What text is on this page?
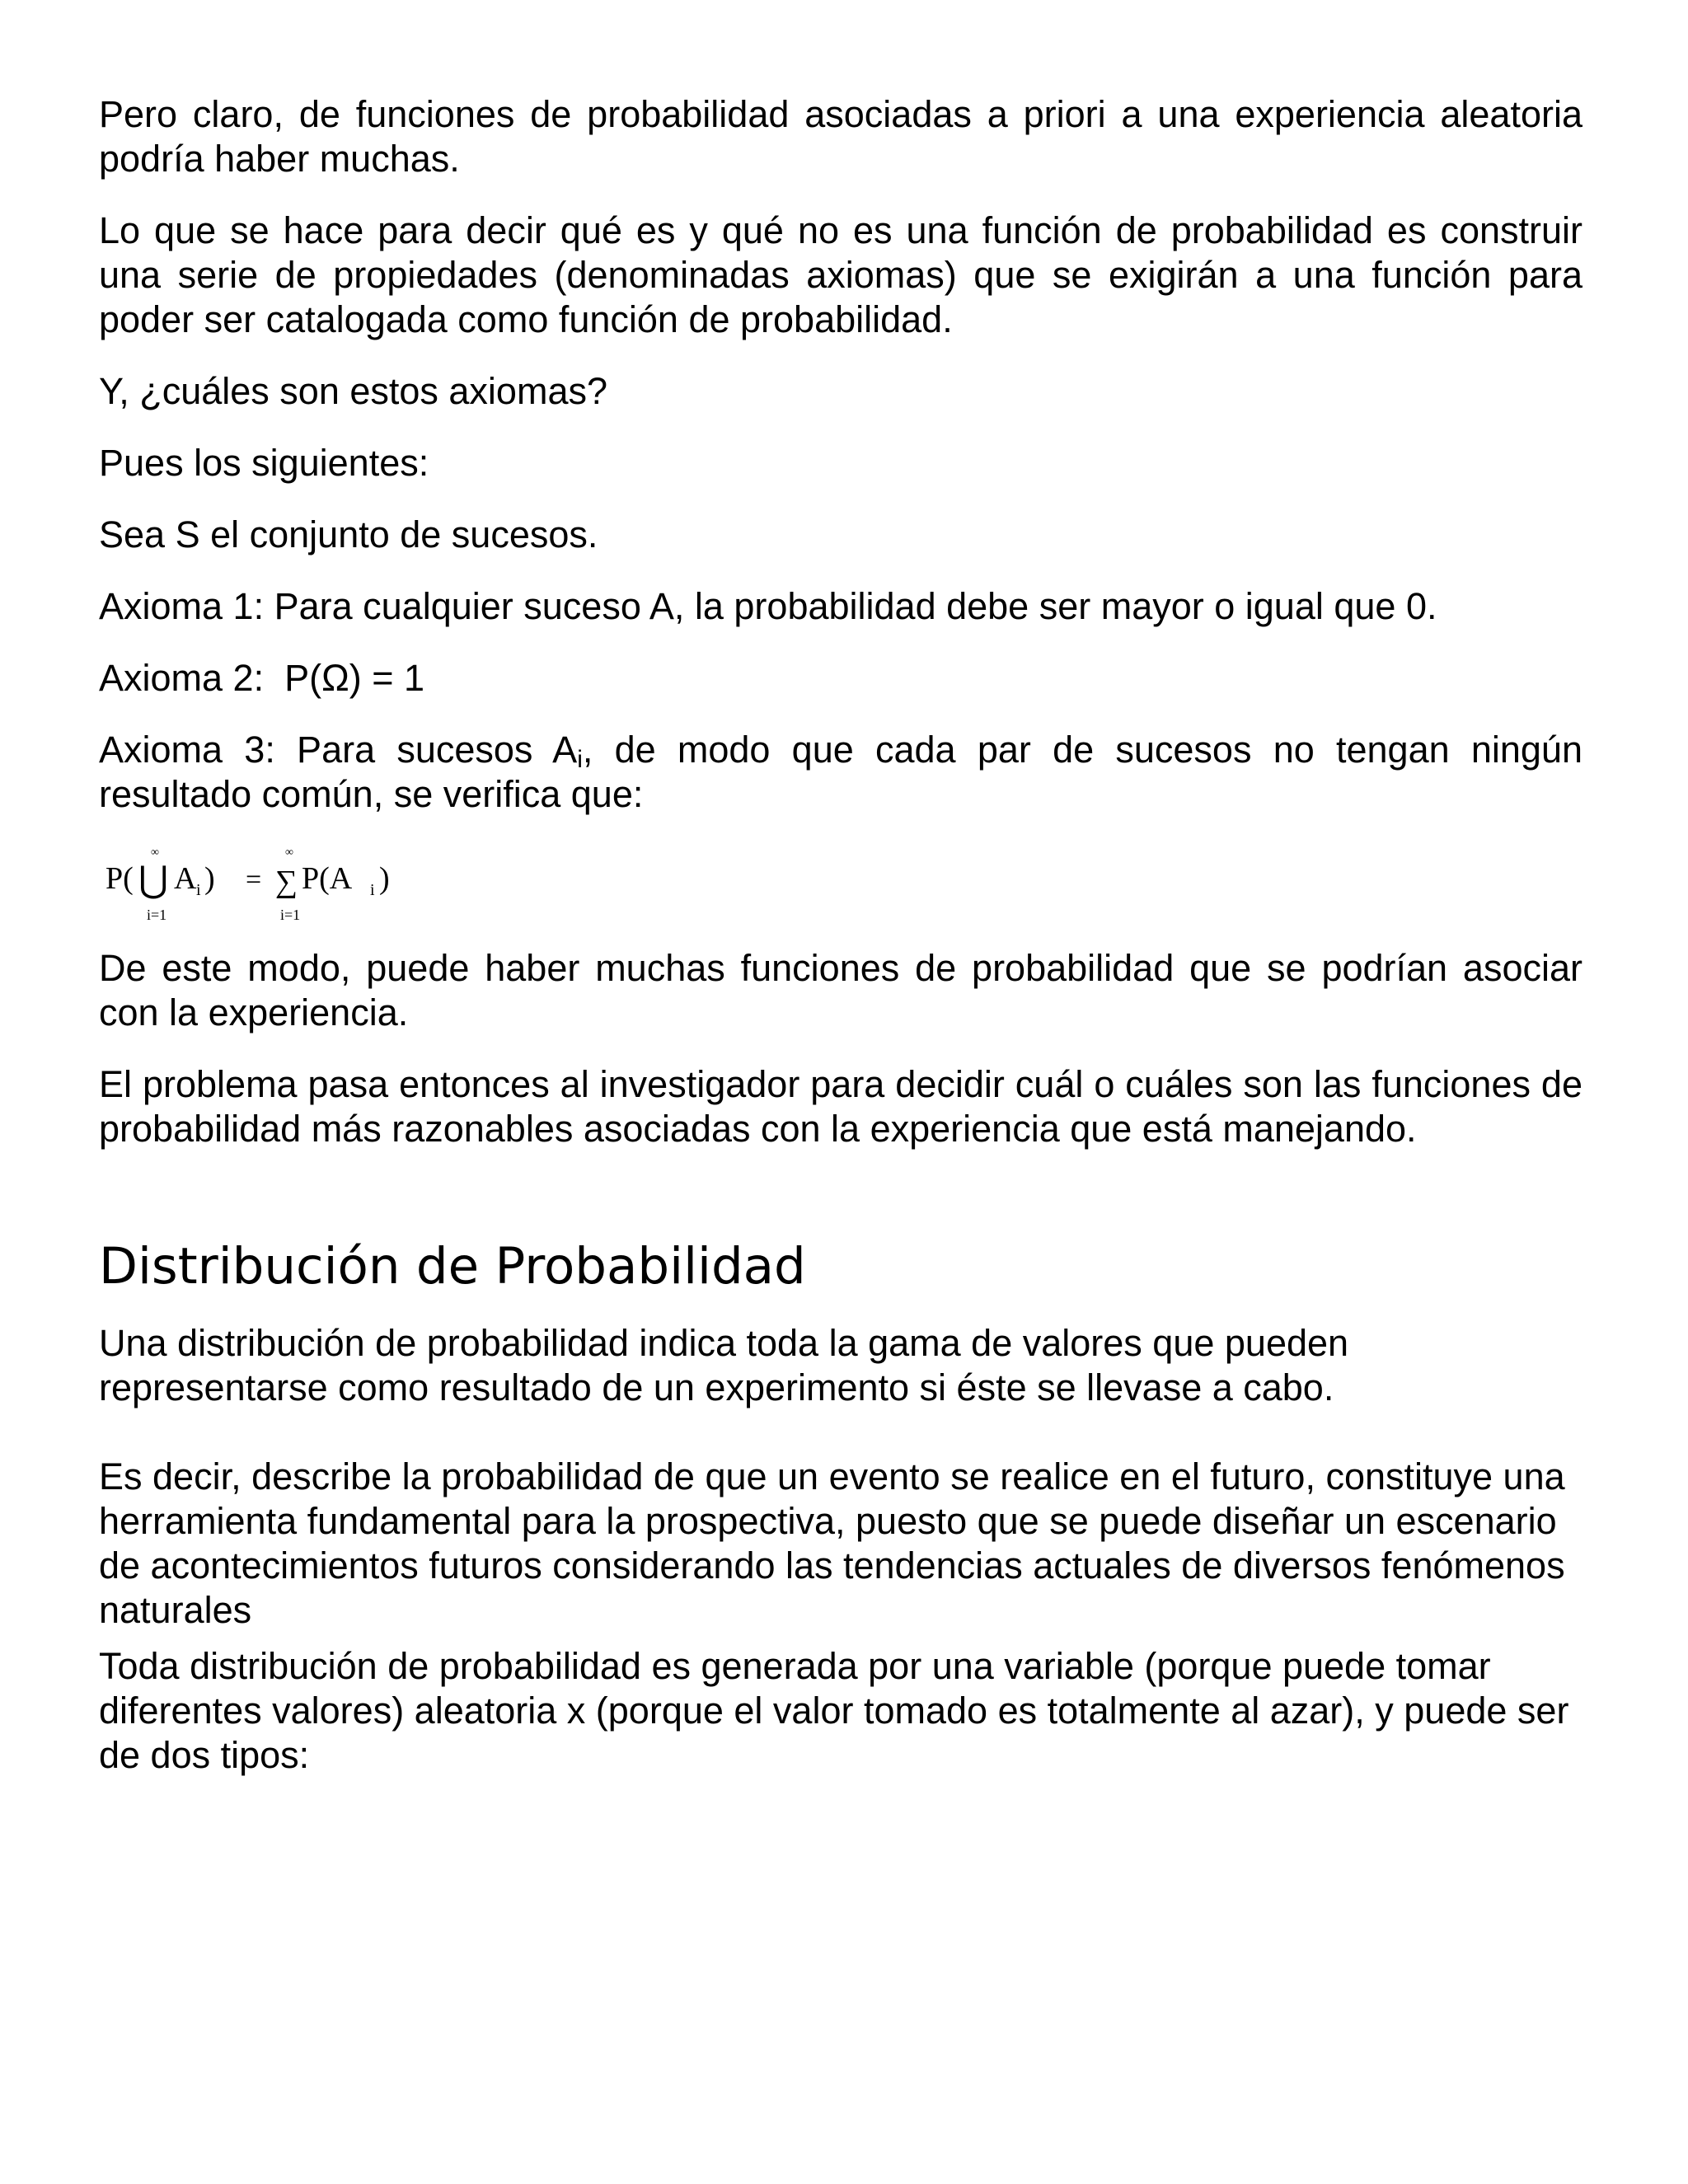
Pero claro, de funciones de probabilidad asociadas a priori a una experiencia aleatoria podría haber muchas.

Lo que se hace para decir qué es y qué no es una función de probabilidad es construir una serie de propiedades (denominadas axiomas) que se exigirán a una función para poder ser catalogada como función de probabilidad.

Y, ¿cuáles son estos axiomas?

Pues los siguientes:

Sea S el conjunto de sucesos.

Axioma 1: Para cualquier suceso A, la probabilidad debe ser mayor o igual que 0.

Axioma 2:  P(Ω) = 1

Axioma 3: Para sucesos $A_i$, de modo que cada par de sucesos no tengan ningún resultado común, se verifica que:

P(
∞
⋃
i=1
A i ) =
∞
∑
i=1
P(A i )

De este modo, puede haber muchas funciones de probabilidad que se podrían asociar con la experiencia.

El problema pasa entonces al investigador para decidir cuál o cuáles son las funciones de probabilidad más razonables asociadas con la experiencia que está manejando.

Distribución de Probabilidad

Una distribución de probabilidad indica toda la gama de valores que pueden representarse como resultado de un experimento si éste se llevase a cabo.

Es decir, describe la probabilidad de que un evento se realice en el futuro, constituye una herramienta fundamental para la prospectiva, puesto que se puede diseñar un escenario de acontecimientos futuros considerando las tendencias actuales de diversos fenómenos naturales

Toda distribución de probabilidad es generada por una variable (porque puede tomar diferentes valores) aleatoria x (porque el valor tomado es totalmente al azar), y puede ser de dos tipos:
